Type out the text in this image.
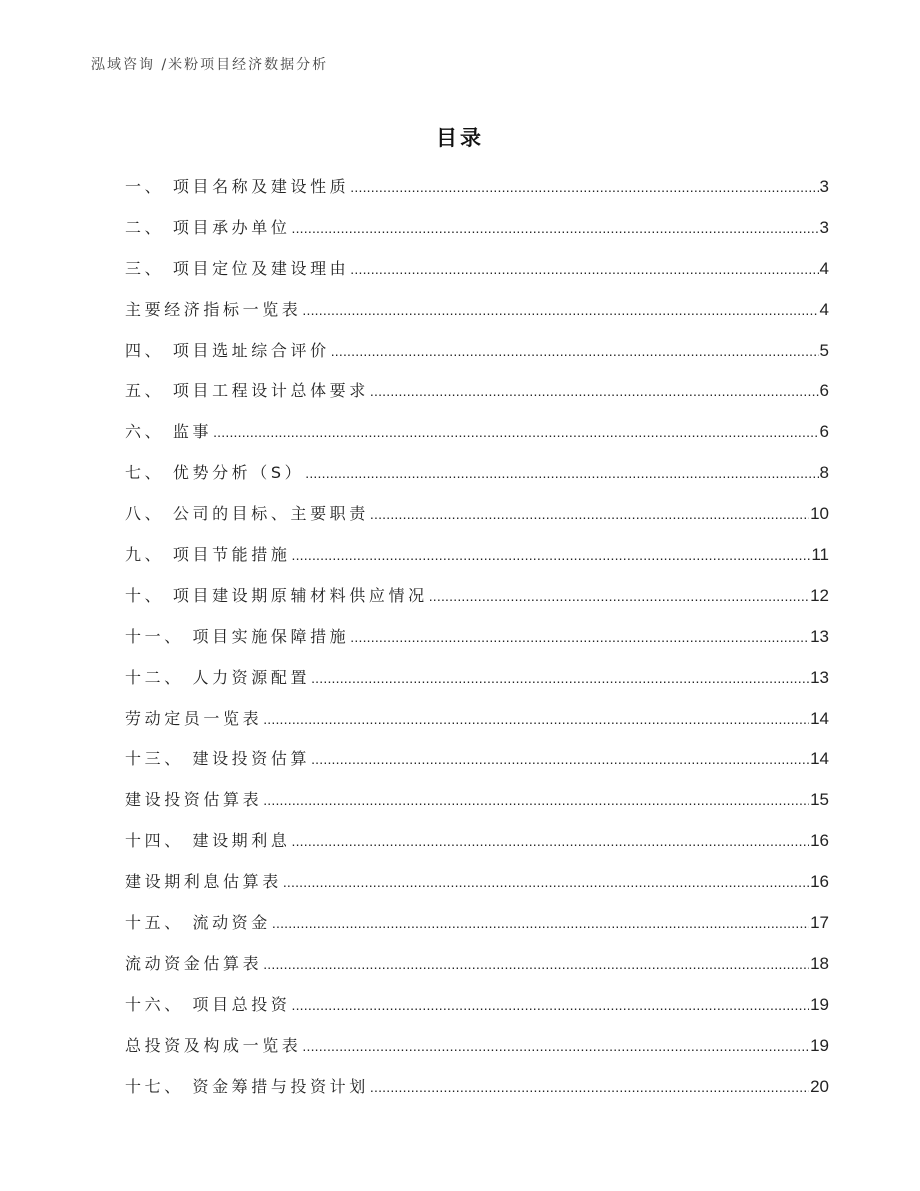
泓域咨询 /米粉项目经济数据分析
目录
一、 项目名称及建设性质 .....	3
二、 项目承办单位 .....	3
三、 项目定位及建设理由 .....	4
主要经济指标一览表 .....	4
四、 项目选址综合评价 .....	5
五、 项目工程设计总体要求 .....	6
六、 监事 .....	6
七、 优势分析（S） .....	8
八、 公司的目标、主要职责 .....	10
九、 项目节能措施 .....	11
十、 项目建设期原辅材料供应情况 .....	12
十一、 项目实施保障措施 .....	13
十二、 人力资源配置 .....	13
劳动定员一览表 .....	14
十三、 建设投资估算 .....	14
建设投资估算表 .....	15
十四、 建设期利息 .....	16
建设期利息估算表 .....	16
十五、 流动资金 .....	17
流动资金估算表 .....	18
十六、 项目总投资 .....	19
总投资及构成一览表 .....	19
十七、 资金筹措与投资计划 .....	20
